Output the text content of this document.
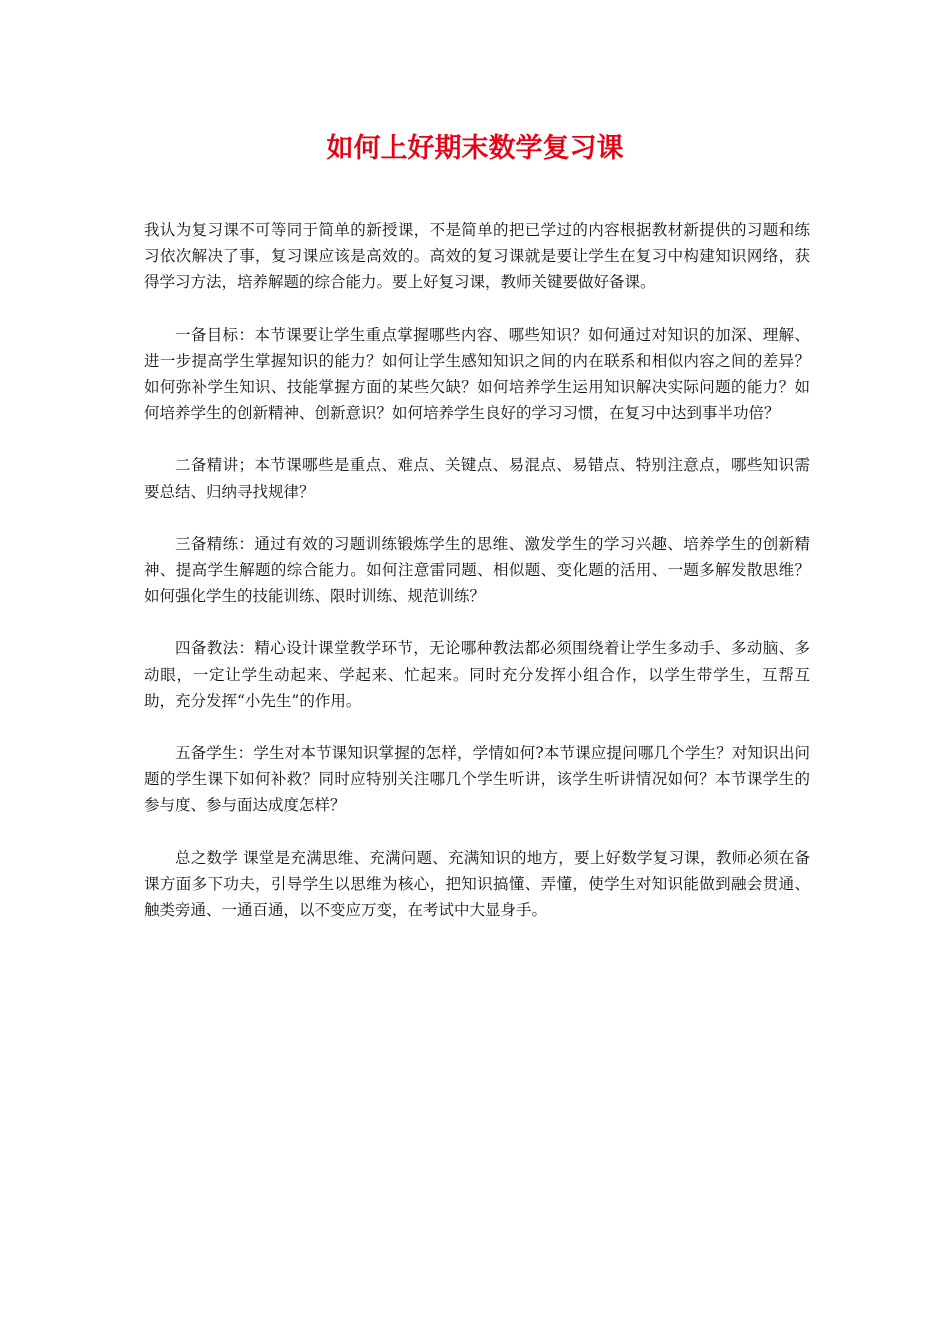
如何上好期末数学复习课

我认为复习课不可等同于简单的新授课，不是简单的把已学过的内容根据教材新提供的习题和练习依次解决了事，复习课应该是高效的。高效的复习课就是要让学生在复习中构建知识网络，获得学习方法，培养解题的综合能力。要上好复习课，教师关键要做好备课。

一备目标：本节课要让学生重点掌握哪些内容、哪些知识？如何通过对知识的加深、理解、进一步提高学生掌握知识的能力？如何让学生感知知识之间的内在联系和相似内容之间的差异？如何弥补学生知识、技能掌握方面的某些欠缺？如何培养学生运用知识解决实际问题的能力？如何培养学生的创新精神、创新意识？如何培养学生良好的学习习惯，在复习中达到事半功倍？

二备精讲；本节课哪些是重点、难点、关键点、易混点、易错点、特别注意点，哪些知识需要总结、归纳寻找规律？

三备精练：通过有效的习题训练锻炼学生的思维、激发学生的学习兴趣、培养学生的创新精神、提高学生解题的综合能力。如何注意雷同题、相似题、变化题的活用、一题多解发散思维？如何强化学生的技能训练、限时训练、规范训练？

四备教法：精心设计课堂教学环节，无论哪种教法都必须围绕着让学生多动手、多动脑、多动眼，一定让学生动起来、学起来、忙起来。同时充分发挥小组合作，以学生带学生，互帮互助，充分发挥“小先生”的作用。

五备学生：学生对本节课知识掌握的怎样，学情如何?本节课应提问哪几个学生？对知识出问题的学生课下如何补救？同时应特别关注哪几个学生听讲，该学生听讲情况如何？本节课学生的参与度、参与面达成度怎样？

总之数学 课堂是充满思维、充满问题、充满知识的地方，要上好数学复习课，教师必须在备课方面多下功夫，引导学生以思维为核心，把知识搞懂、弄懂，使学生对知识能做到融会贯通、触类旁通、一通百通，以不变应万变，在考试中大显身手。
